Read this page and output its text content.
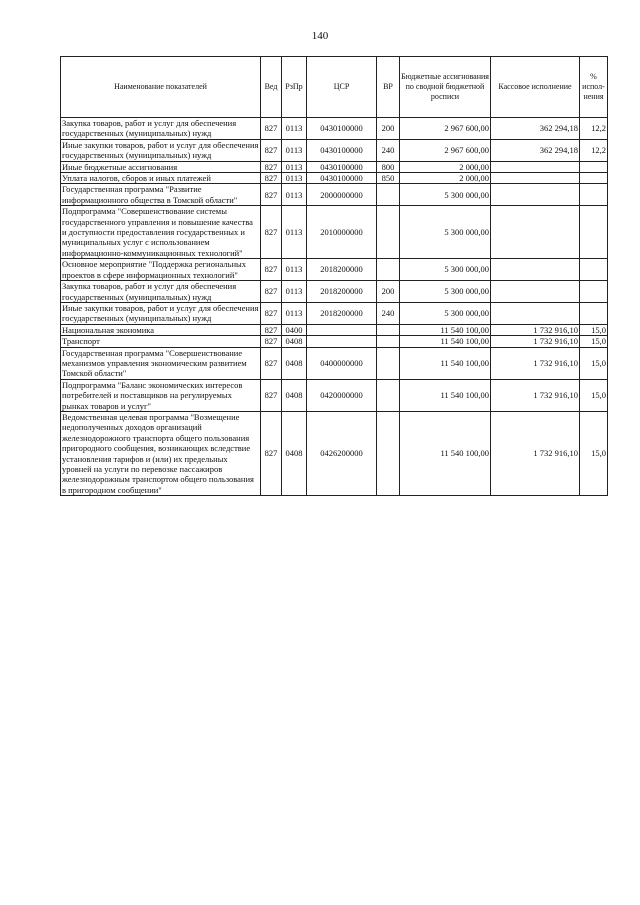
140
Наименование показателей	Вед	РзПр	ЦСР	ВР	Бюджетные ассигнования по сводной бюджетной росписи	Кассовое исполнение	% испол-нения
Закупка товаров, работ и услуг для обеспечения государственных (муниципальных) нужд	827	0113	0430100000	200	2 967 600,00	362 294,18	12,2
Иные закупки товаров, работ и услуг для обеспечения государственных (муниципальных) нужд	827	0113	0430100000	240	2 967 600,00	362 294,18	12,2
Иные бюджетные ассигнования	827	0113	0430100000	800	2 000,00		
Уплата налогов, сборов и иных платежей	827	0113	0430100000	850	2 000,00		
Государственная программа "Развитие информационного общества в Томской области"	827	0113	2000000000		5 300 000,00		
Подпрограмма "Совершенствование системы государственного управления и повышение качества и доступности предоставления государственных и муниципальных услуг с использованием информационно-коммуникационных технологий"	827	0113	2010000000		5 300 000,00		
Основное мероприятие "Поддержка региональных проектов в сфере информационных технологий"	827	0113	2018200000		5 300 000,00		
Закупка товаров, работ и услуг для обеспечения государственных (муниципальных) нужд	827	0113	2018200000	200	5 300 000,00		
Иные закупки товаров, работ и услуг для обеспечения государственных (муниципальных) нужд	827	0113	2018200000	240	5 300 000,00		
Национальная экономика	827	0400			11 540 100,00	1 732 916,10	15,0
Транспорт	827	0408			11 540 100,00	1 732 916,10	15,0
Государственная программа "Совершенствование механизмов управления экономическим развитием Томской области"	827	0408	0400000000		11 540 100,00	1 732 916,10	15,0
Подпрограмма "Баланс экономических интересов потребителей и поставщиков на регулируемых рынках товаров и услуг"	827	0408	0420000000		11 540 100,00	1 732 916,10	15,0
Ведомственная целевая программа "Возмещение недополученных доходов организаций железнодорожного транспорта общего пользования пригородного сообщения, возникающих вследствие установления тарифов и (или) их предельных уровней на услуги по перевозке пассажиров железнодорожным транспортом общего пользования в пригородном сообщении"	827	0408	0426200000		11 540 100,00	1 732 916,10	15,0
